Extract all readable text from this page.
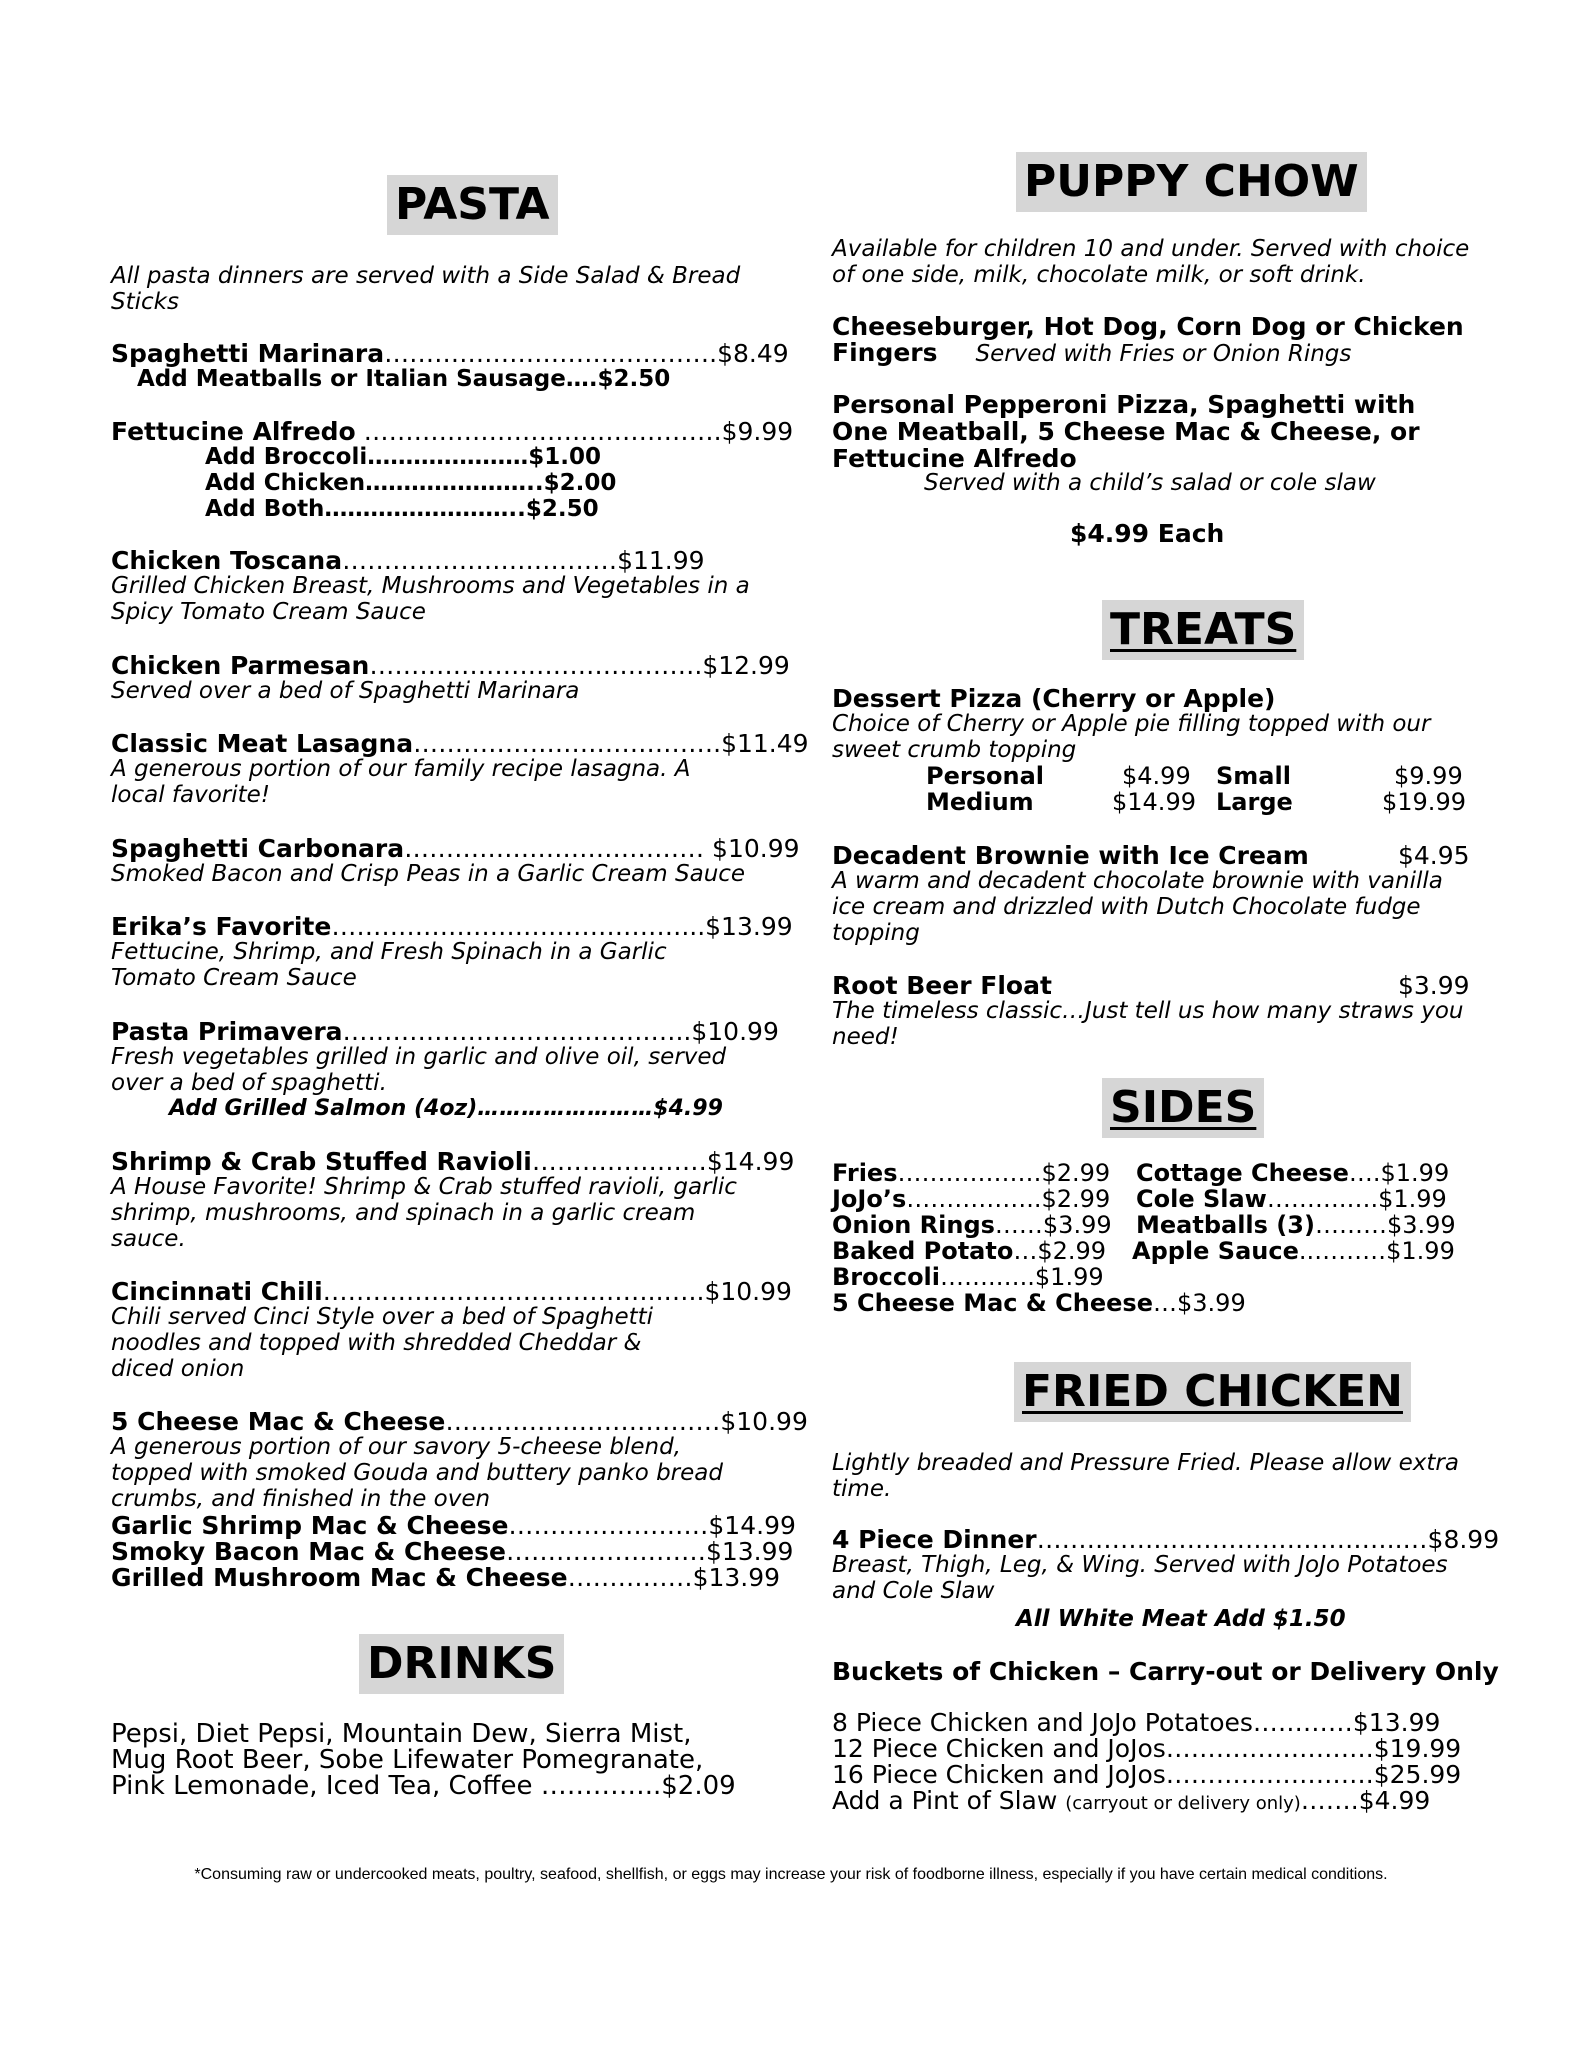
PASTA
All pasta dinners are served with a Side Salad & Bread Sticks
Spaghetti Marinara………………………………….$8.49
Add Meatballs or Italian Sausage….$2.50
Fettucine Alfredo …………………………………….$9.99
Add Broccoli…………………$1.00
Add Chicken…………………..$2.00
Add Both……………………..$2.50
Chicken Toscana……………………………$11.99
Grilled Chicken Breast, Mushrooms and Vegetables in a Spicy Tomato Cream Sauce
Chicken Parmesan………………………………….$12.99
Served over a bed of Spaghetti Marinara
Classic Meat Lasagna……………………………….$11.49
A generous portion of our family recipe lasagna. A local favorite!
Spaghetti Carbonara……………………………… $10.99
Smoked Bacon and Crisp Peas in a Garlic Cream Sauce
Erika’s Favorite……………………………………...$13.99
Fettucine, Shrimp, and Fresh Spinach in a Garlic Tomato Cream Sauce
Pasta Primavera……………………………….…..$10.99
Fresh vegetables grilled in garlic and olive oil, served over a bed of spaghetti.
Add Grilled Salmon (4oz)……………………$4.99
Shrimp & Crab Stuffed Ravioli…………………$14.99
A House Favorite! Shrimp & Crab stuffed ravioli, garlic shrimp, mushrooms, and spinach in a garlic cream sauce.
Cincinnati Chili…………………………………..…..$10.99
Chili served Cinci Style over a bed of Spaghetti noodles and topped with shredded Cheddar & diced onion
5 Cheese Mac & Cheese……………………………$10.99
A generous portion of our savory 5-cheese blend, topped with smoked Gouda and buttery panko bread crumbs, and finished in the oven
Garlic Shrimp Mac & Cheese……………………$14.99
Smoky Bacon Mac & Cheese……………………$13.99
Grilled Mushroom Mac & Cheese……………$13.99
DRINKS
Pepsi, Diet Pepsi, Mountain Dew, Sierra Mist,
Mug Root Beer, Sobe Lifewater Pomegranate,
Pink Lemonade, Iced Tea, Coffee …………..$2.09
PUPPY CHOW
Available for children 10 and under. Served with choice of one side, milk, chocolate milk, or soft drink.
Cheeseburger, Hot Dog, Corn Dog or Chicken
Fingers Served with Fries or Onion Rings
Personal Pepperoni Pizza, Spaghetti with One Meatball, 5 Cheese Mac & Cheese, or Fettucine Alfredo
Served with a child’s salad or cole slaw
$4.99 Each
TREATS
Dessert Pizza (Cherry or Apple)
Choice of Cherry or Apple pie filling topped with our sweet crumb topping
Personal	$4.99 Small	$9.99
Medium	$14.99 Large	$19.99
Decadent Brownie with Ice Cream	$4.95
A warm and decadent chocolate brownie with vanilla ice cream and drizzled with Dutch Chocolate fudge topping
Root Beer Float	$3.99
The timeless classic…Just tell us how many straws you need!
SIDES
Fries………………$2.99 Cottage Cheese….$1.99
JoJo’s……………..$2.99 Cole Slaw……….….$1.99
Onion Rings……$3.99 Meatballs (3)………$3.99
Baked Potato…$2.99 Apple Sauce..………$1.99
Broccoli…….…..$1.99
5 Cheese Mac & Cheese…$3.99
FRIED CHICKEN
Lightly breaded and Pressure Fried. Please allow extra time.
4 Piece Dinner……………………………………..…$8.99
Breast, Thigh, Leg, & Wing. Served with JoJo Potatoes and Cole Slaw
All White Meat Add $1.50
Buckets of Chicken – Carry-out or Delivery Only
8 Piece Chicken and JoJo Potatoes…………$13.99
12 Piece Chicken and JoJos…………………….$19.99
16 Piece Chicken and JoJos…………………….$25.99
Add a Pint of Slaw (carryout or delivery only)…….$4.99
*Consuming raw or undercooked meats, poultry, seafood, shellfish, or eggs may increase your risk of foodborne illness, especially if you have certain medical conditions.
